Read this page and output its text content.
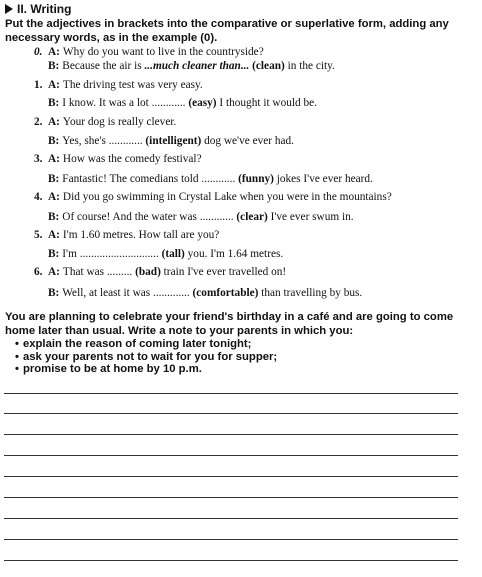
II. Writing
Put the adjectives in brackets into the comparative or superlative form, adding any necessary words, as in the example (0).
0. A: Why do you want to live in the countryside?
B: Because the air is ...much cleaner than... (clean) in the city.
1. A: The driving test was very easy.
B: I know. It was a lot ............ (easy) I thought it would be.
2. A: Your dog is really clever.
B: Yes, she's ............ (intelligent) dog we've ever had.
3. A: How was the comedy festival?
B: Fantastic! The comedians told ............ (funny) jokes I've ever heard.
4. A: Did you go swimming in Crystal Lake when you were in the mountains?
B: Of course! And the water was ............ (clear) I've ever swum in.
5. A: I'm 1.60 metres. How tall are you?
B: I'm ............................ (tall) you. I'm 1.64 metres.
6. A: That was ......... (bad) train I've ever travelled on!
B: Well, at least it was ............. (comfortable) than travelling by bus.
You are planning to celebrate your friend's birthday in a café and are going to come home later than usual. Write a note to your parents in which you:
• explain the reason of coming later tonight;
• ask your parents not to wait for you for supper;
• promise to be at home by 10 p.m.
